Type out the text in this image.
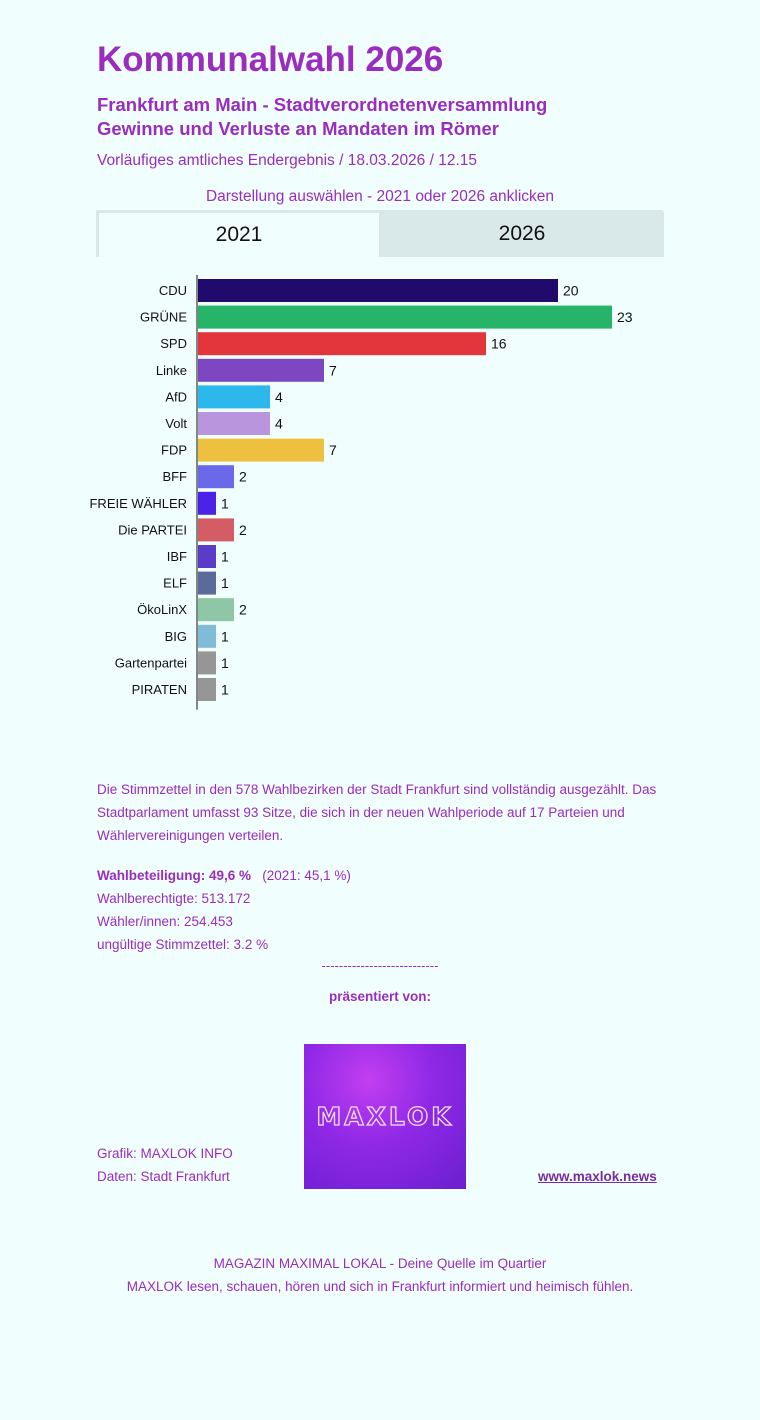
Kommunalwahl 2026
Frankfurt am Main - Stadtverordnetenversammlung
Gewinne und Verluste an Mandaten im Römer
Vorläufiges amtliches Endergebnis / 18.03.2026 / 12.15
Darstellung auswählen - 2021 oder 2026 anklicken
2021	2026
CDU	20
GRÜNE	23
SPD	16
Linke	7
AfD	4
Volt	4
FDP	7
BFF	2
FREIE WÄHLER 1
Die PARTEI	2
IBF 1
ELF 1
ÖkoLinX	2
BIG 1
Gartenpartei 1
PIRATEN 1
Die Stimmzettel in den 578 Wahlbezirken der Stadt Frankfurt sind vollständig ausgezählt. Das Stadtparlament umfasst 93 Sitze, die sich in der neuen Wahlperiode auf 17 Parteien und Wählervereinigungen verteilen.
Wahlbeteiligung: 49,6 % (2021: 45,1 %)
Wahlberechtigte: 513.172
Wähler/innen: 254.453
ungültige Stimmzettel: 3.2 %
---------------------------
präsentiert von:
MAXLOK
Grafik: MAXLOK INFO
Daten: Stadt Frankfurt	www.maxlok.news
MAGAZIN MAXIMAL LOKAL - Deine Quelle im Quartier
MAXLOK lesen, schauen, hören und sich in Frankfurt informiert und heimisch fühlen.
